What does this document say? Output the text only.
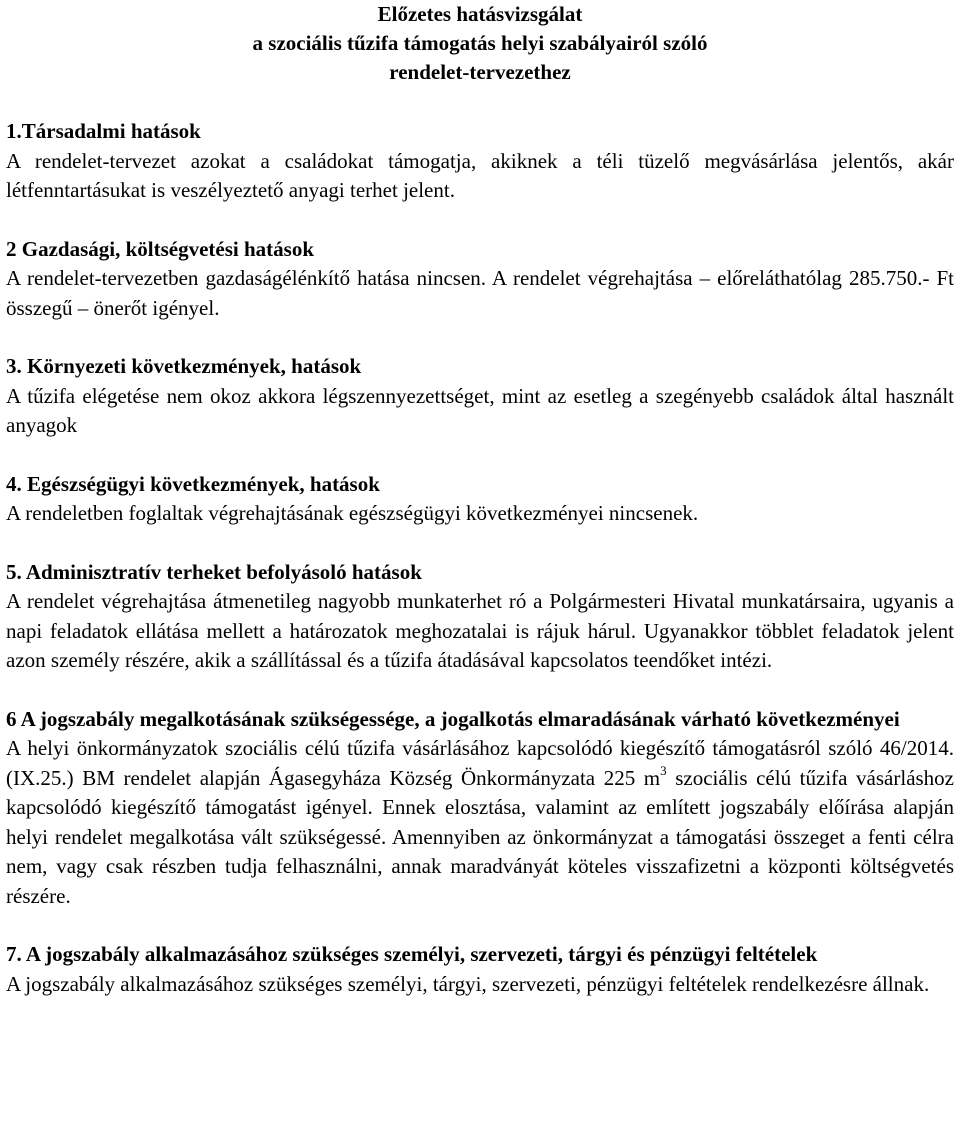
Előzetes hatásvizsgálat
a szociális tűzifa támogatás helyi szabályairól szóló
rendelet-tervezethez

1.Társadalmi hatások

A rendelet-tervezet azokat a családokat támogatja, akiknek a téli tüzelő megvásárlása jelentős, akár létfenntartásukat is veszélyeztető anyagi terhet jelent.

2 Gazdasági, költségvetési hatások

A rendelet-tervezetben gazdaságélénkítő hatása nincsen. A rendelet végrehajtása – előreláthatólag 285.750.- Ft összegű – önerőt igényel.

3. Környezeti következmények, hatások

A tűzifa elégetése nem okoz akkora légszennyezettséget, mint az esetleg a szegényebb családok által használt anyagok

4. Egészségügyi következmények, hatások

A rendeletben foglaltak végrehajtásának egészségügyi következményei nincsenek.

5. Adminisztratív terheket befolyásoló hatások

A rendelet végrehajtása átmenetileg nagyobb munkaterhet ró a Polgármesteri Hivatal munkatársaira, ugyanis a napi feladatok ellátása mellett a határozatok meghozatalai is rájuk hárul. Ugyanakkor többlet feladatok jelent azon személy részére, akik a szállítással és a tűzifa átadásával kapcsolatos teendőket intézi.

6 A jogszabály megalkotásának szükségessége, a jogalkotás elmaradásának várható következményei

A helyi önkormányzatok szociális célú tűzifa vásárlásához kapcsolódó kiegészítő támogatásról szóló 46/2014.(IX.25.) BM rendelet alapján Ágasegyháza Község Önkormányzata 225 $m^3$ szociális célú tűzifa vásárláshoz kapcsolódó kiegészítő támogatást igényel. Ennek elosztása, valamint az említett jogszabály előírása alapján helyi rendelet megalkotása vált szükségessé. Amennyiben az önkormányzat a támogatási összeget a fenti célra nem, vagy csak részben tudja felhasználni, annak maradványát köteles visszafizetni a központi költségvetés részére.

7. A jogszabály alkalmazásához szükséges személyi, szervezeti, tárgyi és pénzügyi feltételek

A jogszabály alkalmazásához szükséges személyi, tárgyi, szervezeti, pénzügyi feltételek rendelkezésre állnak.
